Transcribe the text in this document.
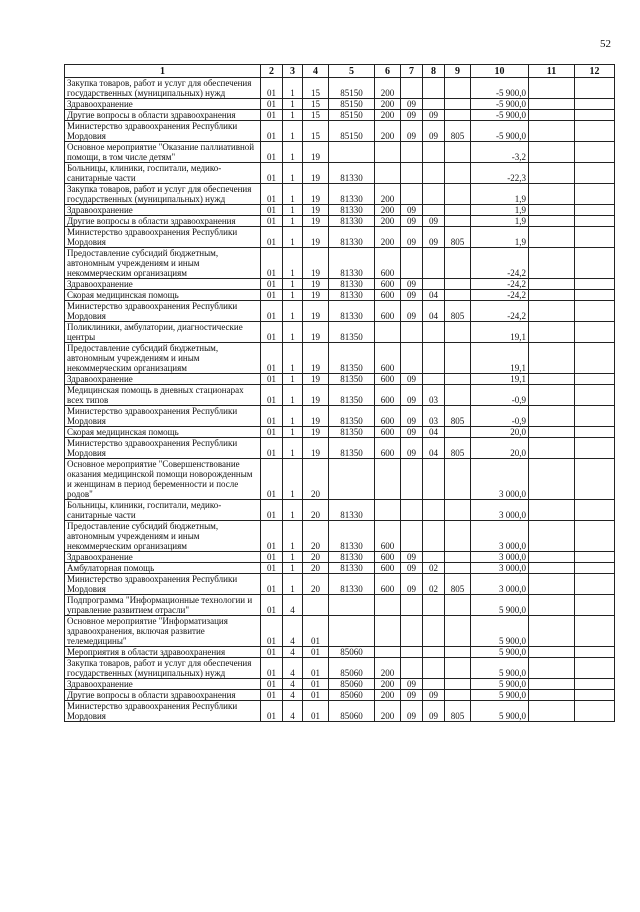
52
1	2	3	4	5	6	7	8	9	10	11	12
Закупка товаров, работ и услуг для обеспечения государственных (муниципальных) нужд	01	1	15	85150	200				-5 900,0		
Здравоохранение	01	1	15	85150	200	09			-5 900,0		
Другие вопросы в области здравоохранения	01	1	15	85150	200	09	09		-5 900,0		
Министерство здравоохранения Республики Мордовия	01	1	15	85150	200	09	09	805	-5 900,0		
Основное мероприятие "Оказание паллиативной помощи, в том числе детям"	01	1	19						-3,2		
Больницы, клиники, госпитали, медико-санитарные части	01	1	19	81330					-22,3		
Закупка товаров, работ и услуг для обеспечения государственных (муниципальных) нужд	01	1	19	81330	200				1,9		
Здравоохранение	01	1	19	81330	200	09			1,9		
Другие вопросы в области здравоохранения	01	1	19	81330	200	09	09		1,9		
Министерство здравоохранения Республики Мордовия	01	1	19	81330	200	09	09	805	1,9		
Предоставление субсидий бюджетным, автономным учреждениям и иным некоммерческим организациям	01	1	19	81330	600				-24,2		
Здравоохранение	01	1	19	81330	600	09			-24,2		
Скорая медицинская помощь	01	1	19	81330	600	09	04		-24,2		
Министерство здравоохранения Республики Мордовия	01	1	19	81330	600	09	04	805	-24,2		
Поликлиники, амбулатории, диагностические центры	01	1	19	81350					19,1		
Предоставление субсидий бюджетным, автономным учреждениям и иным некоммерческим организациям	01	1	19	81350	600				19,1		
Здравоохранение	01	1	19	81350	600	09			19,1		
Медицинская помощь в дневных стационарах всех типов	01	1	19	81350	600	09	03		-0,9		
Министерство здравоохранения Республики Мордовия	01	1	19	81350	600	09	03	805	-0,9		
Скорая медицинская помощь	01	1	19	81350	600	09	04		20,0		
Министерство здравоохранения Республики Мордовия	01	1	19	81350	600	09	04	805	20,0		
Основное мероприятие "Совершенствование оказания медицинской помощи новорожденным и женщинам в период беременности и после родов"	01	1	20						3 000,0		
Больницы, клиники, госпитали, медико-санитарные части	01	1	20	81330					3 000,0		
Предоставление субсидий бюджетным, автономным учреждениям и иным некоммерческим организациям	01	1	20	81330	600				3 000,0		
Здравоохранение	01	1	20	81330	600	09			3 000,0		
Амбулаторная помощь	01	1	20	81330	600	09	02		3 000,0		
Министерство здравоохранения Республики Мордовия	01	1	20	81330	600	09	02	805	3 000,0		
Подпрограмма "Информационные технологии и управление развитием отрасли"	01	4							5 900,0		
Основное мероприятие "Информатизация здравоохранения, включая развитие телемедицины"	01	4	01						5 900,0		
Мероприятия в области здравоохранения	01	4	01	85060					5 900,0		
Закупка товаров, работ и услуг для обеспечения государственных (муниципальных) нужд	01	4	01	85060	200				5 900,0		
Здравоохранение	01	4	01	85060	200	09			5 900,0		
Другие вопросы в области здравоохранения	01	4	01	85060	200	09	09		5 900,0		
Министерство здравоохранения Республики Мордовия	01	4	01	85060	200	09	09	805	5 900,0		
